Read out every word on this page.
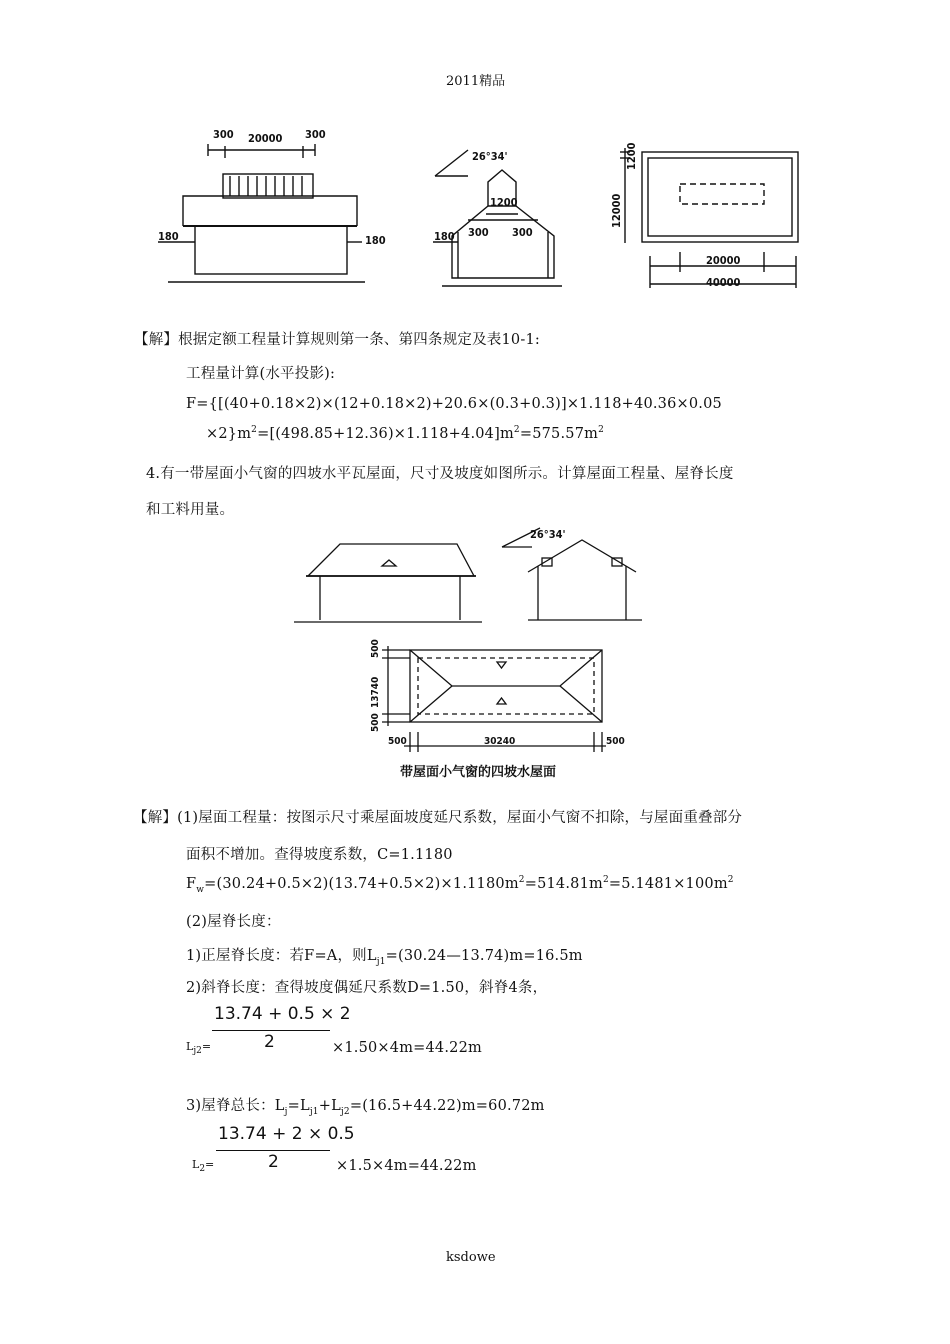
2011精品
300 20000 300
180	180
26°34'
1200
300 300
180
1200
12000
20000
40000
【解】根据定额工程量计算规则第一条、第四条规定及表10-1:
工程量计算(水平投影):
F={[(40+0.18×2)×(12+0.18×2)+20.6×(0.3+0.3)]×1.118+40.36×0.05
$\times 2\}m^2=[(498.85+12.36)\times 1.118+4.04]m^2=575.57m^2$
4.有一带屋面小气窗的四坡水平瓦屋面，尺寸及坡度如图所示。计算屋面工程量、屋脊长度
和工料用量。
26°34'
500
13740
500
500	30240	500
带屋面小气窗的四坡水屋面
【解】(1)屋面工程量：按图示尺寸乘屋面坡度延尺系数，屋面小气窗不扣除，与屋面重叠部分
面积不增加。查得坡度系数，C=1.1180
$F_w=(30.24+0.5\times 2)(13.74+0.5\times 2)\times 1.1180m^2=514.81m^2=5.1481\times 100m^2$
(2)屋脊长度：
1)正屋脊长度：若F=A，则$L_{j1}=(30.24—13.74)m=16.5m$
2)斜脊长度：查得坡度偶延尺系数D=1.50，斜脊4条，
$L_{j2}=$
13.74 + 0.5 × 2
2	×1.50×4m=44.22m
3)屋脊总长：$L_j=L_{j1}+L_{j2}=(16.5+44.22)m=60.72m$
$L_2=$
13.74 + 2 × 0.5
2	×1.5×4m=44.22m
ksdowe
